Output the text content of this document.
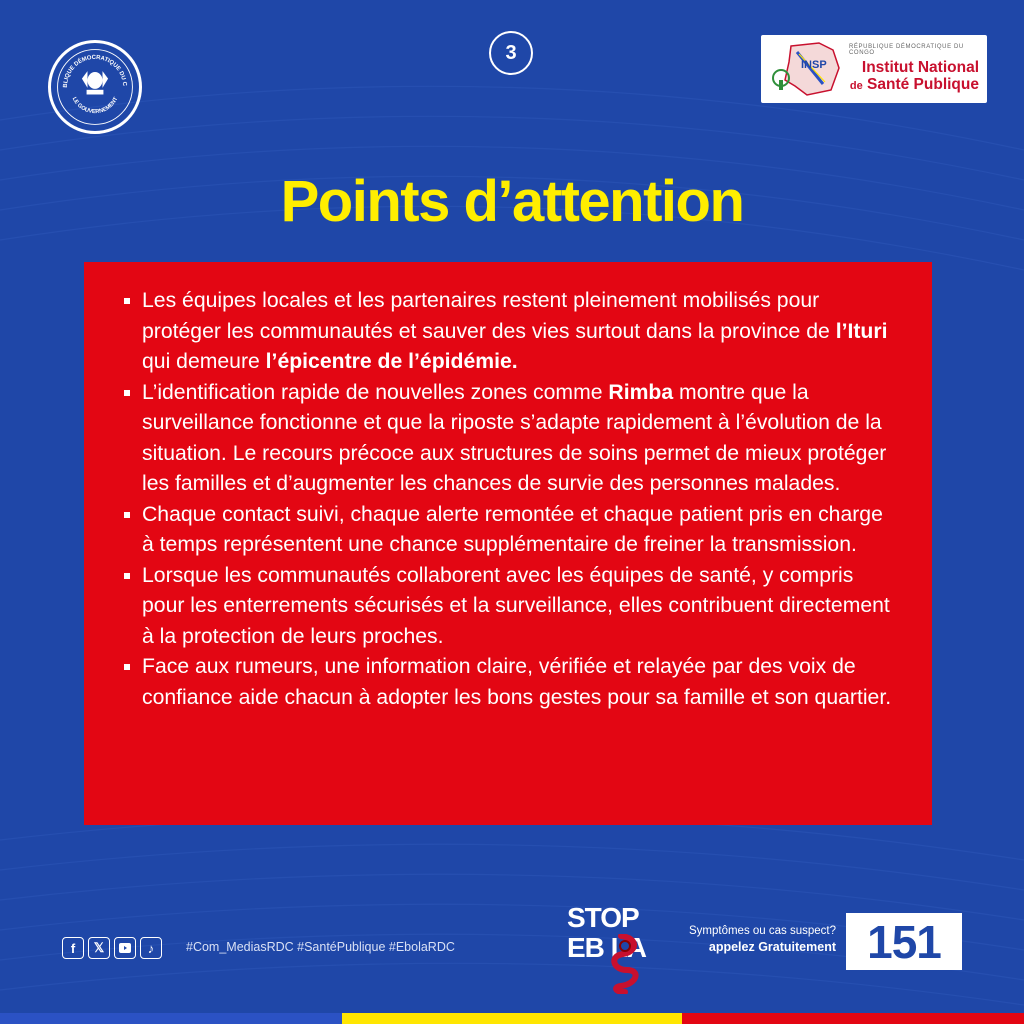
BLIQUE DÉMOCRATIQUE DU C
LE GOUVERNEMENT
3
INSP
RÉPUBLIQUE DÉMOCRATIQUE DU CONGO
Institut National
de Santé Publique
Points d’attention
Les équipes locales et les partenaires restent pleinement mobilisés pour protéger les communautés et sauver des vies surtout dans la province de l’Ituri qui demeure l’épicentre de l’épidémie.
L’identification rapide de nouvelles zones comme Rimba montre que la surveillance fonctionne et que la riposte s’adapte rapidement à l’évolution de la situation. Le recours précoce aux structures de soins permet de mieux protéger les familles et d’augmenter les chances de survie des personnes malades.
Chaque contact suivi, chaque alerte remontée et chaque patient pris en charge à temps représentent une chance supplémentaire de freiner la transmission.
Lorsque les communautés collaborent avec les équipes de santé, y compris pour les enterrements sécurisés et la surveillance, elles contribuent directement à la protection de leurs proches.
Face aux rumeurs, une information claire, vérifiée et relayée par des voix de confiance aide chacun à adopter les bons gestes pour sa famille et son quartier.
f	𝕏	♪	#Com_MediasRDC #SantéPublique #EbolaRDC
STOP
EB LA
Symptômes ou cas suspect?
appelez Gratuitement 151
